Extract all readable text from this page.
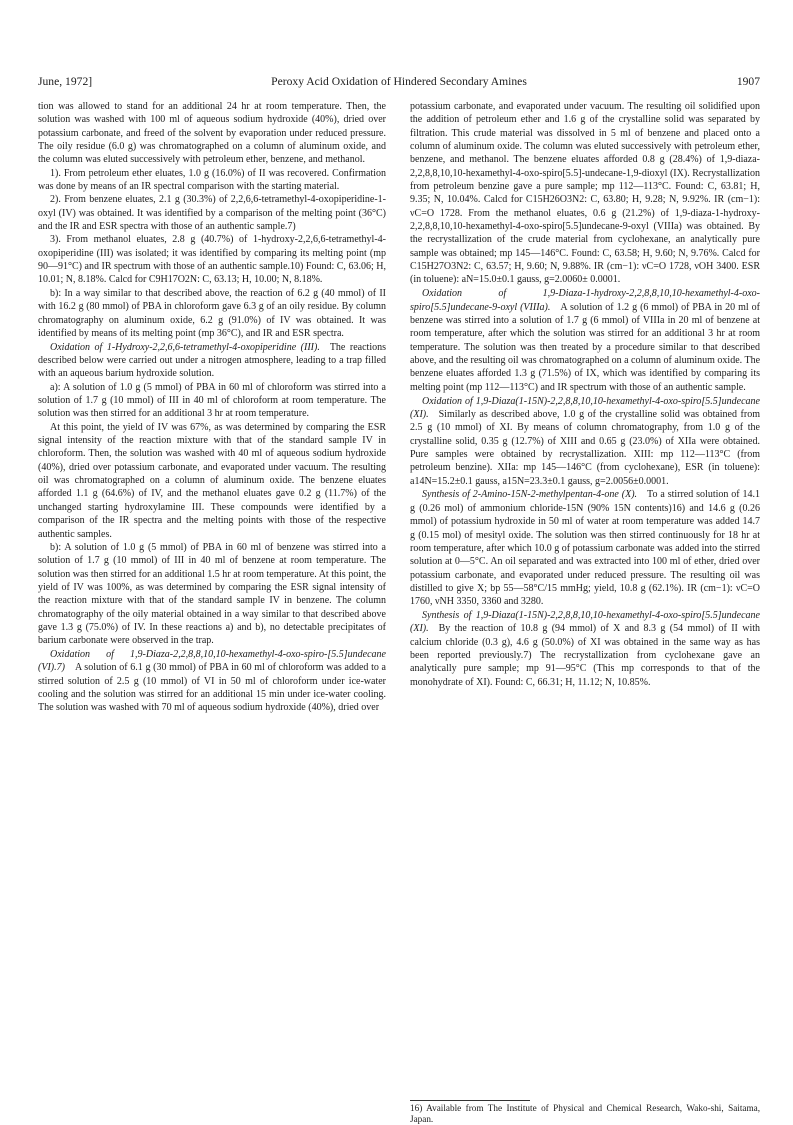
June, 1972]	Peroxy Acid Oxidation of Hindered Secondary Amines	1907

tion was allowed to stand for an additional 24 hr at room temperature. Then, the solution was washed with 100 ml of aqueous sodium hydroxide (40%), dried over potassium carbonate, and freed of the solvent by evaporation under reduced pressure. The oily residue (6.0 g) was chromatographed on a column of aluminum oxide, and the column was eluted successively with petroleum ether, benzene, and methanol.

1). From petroleum ether eluates, 1.0 g (16.0%) of II was recovered. Confirmation was done by means of an IR spectral comparison with the starting material.

2). From benzene eluates, 2.1 g (30.3%) of 2,2,6,6-tetramethyl-4-oxopiperidine-1-oxyl (IV) was obtained. It was identified by a comparison of the melting point (36°C) and the IR and ESR spectra with those of an authentic sample.7)

3). From methanol eluates, 2.8 g (40.7%) of 1-hydroxy-2,2,6,6-tetramethyl-4-oxopiperidine (III) was isolated; it was identified by comparing its melting point (mp 90—91°C) and IR spectrum with those of an authentic sample.10) Found: C, 63.06; H, 10.01; N, 8.18%. Calcd for C9H17O2N: C, 63.13; H, 10.00; N, 8.18%.

b): In a way similar to that described above, the reaction of 6.2 g (40 mmol) of II with 16.2 g (80 mmol) of PBA in chloroform gave 6.3 g of an oily residue. By column chromatography on aluminum oxide, 6.2 g (91.0%) of IV was obtained. It was identified by means of its melting point (mp 36°C), and IR and ESR spectra.

Oxidation of 1-Hydroxy-2,2,6,6-tetramethyl-4-oxopiperidine (III).  The reactions described below were carried out under a nitrogen atmosphere, leading to a trap filled with an aqueous barium hydroxide solution.

a): A solution of 1.0 g (5 mmol) of PBA in 60 ml of chloroform was stirred into a solution of 1.7 g (10 mmol) of III in 40 ml of chloroform at room temperature. The solution was then stirred for an additional 3 hr at room temperature.

At this point, the yield of IV was 67%, as was determined by comparing the ESR signal intensity of the reaction mixture with that of the standard sample IV in chloroform. Then, the solution was washed with 40 ml of aqueous sodium hydroxide (40%), dried over potassium carbonate, and evaporated under vacuum. The resulting oil was chromatographed on a column of aluminum oxide. The benzene eluates afforded 1.1 g (64.6%) of IV, and the methanol eluates gave 0.2 g (11.7%) of the unchanged starting hydroxylamine III. These compounds were identified by a comparison of the IR spectra and the melting points with those of the respective authentic samples.

b): A solution of 1.0 g (5 mmol) of PBA in 60 ml of benzene was stirred into a solution of 1.7 g (10 mmol) of III in 40 ml of benzene at room temperature. The solution was then stirred for an additional 1.5 hr at room temperature. At this point, the yield of IV was 100%, as was determined by comparing the ESR signal intensity of the reaction mixture with that of the standard sample IV in benzene. The column chromatography of the oily material obtained in a way similar to that described above gave 1.3 g (75.0%) of IV. In these reactions a) and b), no detectable precipitates of barium carbonate were observed in the trap.

Oxidation of 1,9-Diaza-2,2,8,8,10,10-hexamethyl-4-oxo-spiro-[5.5]undecane (VI).7)  A solution of 6.1 g (30 mmol) of PBA in 60 ml of chloroform was added to a stirred solution of 2.5 g (10 mmol) of VI in 50 ml of chloroform under ice-water cooling and the solution was stirred for an additional 15 min under ice-water cooling. The solution was washed with 70 ml of aqueous sodium hydroxide (40%), dried over

potassium carbonate, and evaporated under vacuum. The resulting oil solidified upon the addition of petroleum ether and 1.6 g of the crystalline solid was separated by filtration. This crude material was dissolved in 5 ml of benzene and placed onto a column of aluminum oxide. The column was eluted successively with petroleum ether, benzene, and methanol. The benzene eluates afforded 0.8 g (28.4%) of 1,9-diaza-2,2,8,8,10,10-hexamethyl-4-oxo-spiro[5.5]-undecane-1,9-dioxyl (IX). Recrystallization from petroleum benzine gave a pure sample; mp 112—113°C. Found: C, 63.81; H, 9.35; N, 10.04%. Calcd for C15H26O3N2: C, 63.80; H, 9.28; N, 9.92%. IR (cm−1): νC=O 1728. From the methanol eluates, 0.6 g (21.2%) of 1,9-diaza-1-hydroxy-2,2,8,8,10,10-hexamethyl-4-oxo-spiro[5.5]undecane-9-oxyl (VIIIa) was obtained. By the recrystallization of the crude material from cyclohexane, an analytically pure sample was obtained; mp 145—146°C. Found: C, 63.58; H, 9.60; N, 9.76%. Calcd for C15H27O3N2: C, 63.57; H, 9.60; N, 9.88%. IR (cm−1): νC=O 1728, νOH 3400. ESR (in toluene): aN=15.0±0.1 gauss, g=2.0060± 0.0001.

Oxidation of 1,9-Diaza-1-hydroxy-2,2,8,8,10,10-hexamethyl-4-oxo-spiro[5.5]undecane-9-oxyl (VIIIa).  A solution of 1.2 g (6 mmol) of PBA in 20 ml of benzene was stirred into a solution of 1.7 g (6 mmol) of VIIIa in 20 ml of benzene at room temperature, after which the solution was stirred for an additional 3 hr at room temperature. The solution was then treated by a procedure similar to that described above, and the resulting oil was chromatographed on a column of aluminum oxide. The benzene eluates afforded 1.3 g (71.5%) of IX, which was identified by comparing its melting point (mp 112—113°C) and IR spectrum with those of an authentic sample.

Oxidation of 1,9-Diaza(1-15N)-2,2,8,8,10,10-hexamethyl-4-oxo-spiro[5.5]undecane (XI).  Similarly as described above, 1.0 g of the crystalline solid was obtained from 2.5 g (10 mmol) of XI. By means of column chromatography, from 1.0 g of the crystalline solid, 0.35 g (12.7%) of XIII and 0.65 g (23.0%) of XIIa were obtained. Pure samples were obtained by recrystallization. XIII: mp 112—113°C (from petroleum benzine). XIIa: mp 145—146°C (from cyclohexane), ESR (in toluene): a14N=15.2±0.1 gauss, a15N=23.3±0.1 gauss, g=2.0056±0.0001.

Synthesis of 2-Amino-15N-2-methylpentan-4-one (X).  To a stirred solution of 14.1 g (0.26 mol) of ammonium chloride-15N (90% 15N contents)16) and 14.6 g (0.26 mmol) of potassium hydroxide in 50 ml of water at room temperature was added 14.7 g (0.15 mol) of mesityl oxide. The solution was then stirred continuously for 18 hr at room temperature, after which 10.0 g of potassium carbonate was added into the stirred solution at 0—5°C. An oil separated and was extracted into 100 ml of ether, dried over potassium carbonate, and evaporated under reduced pressure. The resulting oil was distilled to give X; bp 55—58°C/15 mmHg; yield, 10.8 g (62.1%). IR (cm−1): νC=O 1760, νNH 3350, 3360 and 3280.

Synthesis of 1,9-Diaza(1-15N)-2,2,8,8,10,10-hexamethyl-4-oxo-spiro[5.5]undecane (XI).  By the reaction of 10.8 g (94 mmol) of X and 8.3 g (54 mmol) of II with calcium chloride (0.3 g), 4.6 g (50.0%) of XI was obtained in the same way as has been reported previously.7) The recrystallization from cyclohexane gave an analytically pure sample; mp 91—95°C (This mp corresponds to that of the monohydrate of XI). Found: C, 66.31; H, 11.12; N, 10.85%.

16) Available from The Institute of Physical and Chemical Research, Wako-shi, Saitama, Japan.
